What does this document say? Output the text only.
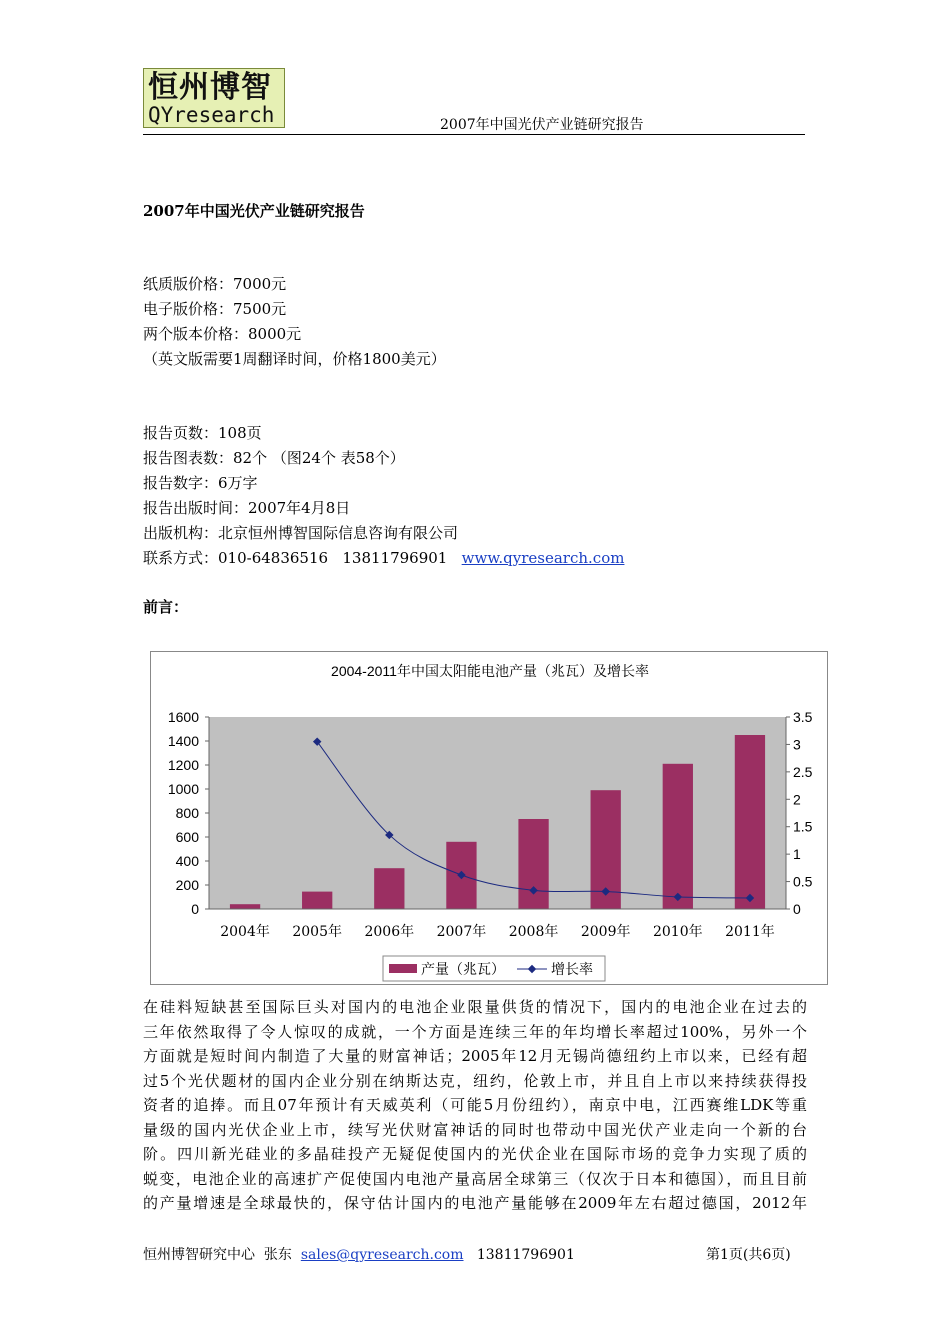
恒州博智
QYresearch	2007年中国光伏产业链研究报告
2007年中国光伏产业链研究报告
纸质版价格：7000元
电子版价格：7500元
两个版本价格：8000元
（英文版需要1周翻译时间，价格1800美元）
报告页数：108页
报告图表数：82个 （图24个 表58个）
报告数字：6万字
报告出版时间：2007年4月8日
出版机构：北京恒州博智国际信息咨询有限公司
联系方式：010-64836516   13811796901   www.qyresearch.com
前言：
2004-2011年中国太阳能电池产量（兆瓦）及增长率
0
200
400
600
800
1000
1200
1400
1600
0
0.5
1
1.5
2
2.5
3
3.5
2004年 2005年 2006年 2007年 2008年 2009年 2010年 2011年
产量（兆瓦）	增长率
在硅料短缺甚至国际巨头对国内的电池企业限量供货的情况下，国内的电池企业在过去的
三年依然取得了令人惊叹的成就，一个方面是连续三年的年均增长率超过100%，另外一个
方面就是短时间内制造了大量的财富神话；2005年12月无锡尚德纽约上市以来，已经有超
过5个光伏题材的国内企业分别在纳斯达克，纽约，伦敦上市，并且自上市以来持续获得投
资者的追捧。而且07年预计有天威英利（可能5月份纽约），南京中电，江西赛维LDK等重
量级的国内光伏企业上市，续写光伏财富神话的同时也带动中国光伏产业走向一个新的台
阶。四川新光硅业的多晶硅投产无疑促使国内的光伏企业在国际市场的竞争力实现了质的
蜕变，电池企业的高速扩产促使国内电池产量高居全球第三（仅次于日本和德国），而且目前
的产量增速是全球最快的，保守估计国内的电池产量能够在2009年左右超过德国，2012年
恒州博智研究中心  张东  sales@qyresearch.com   13811796901	第1页(共6页)
